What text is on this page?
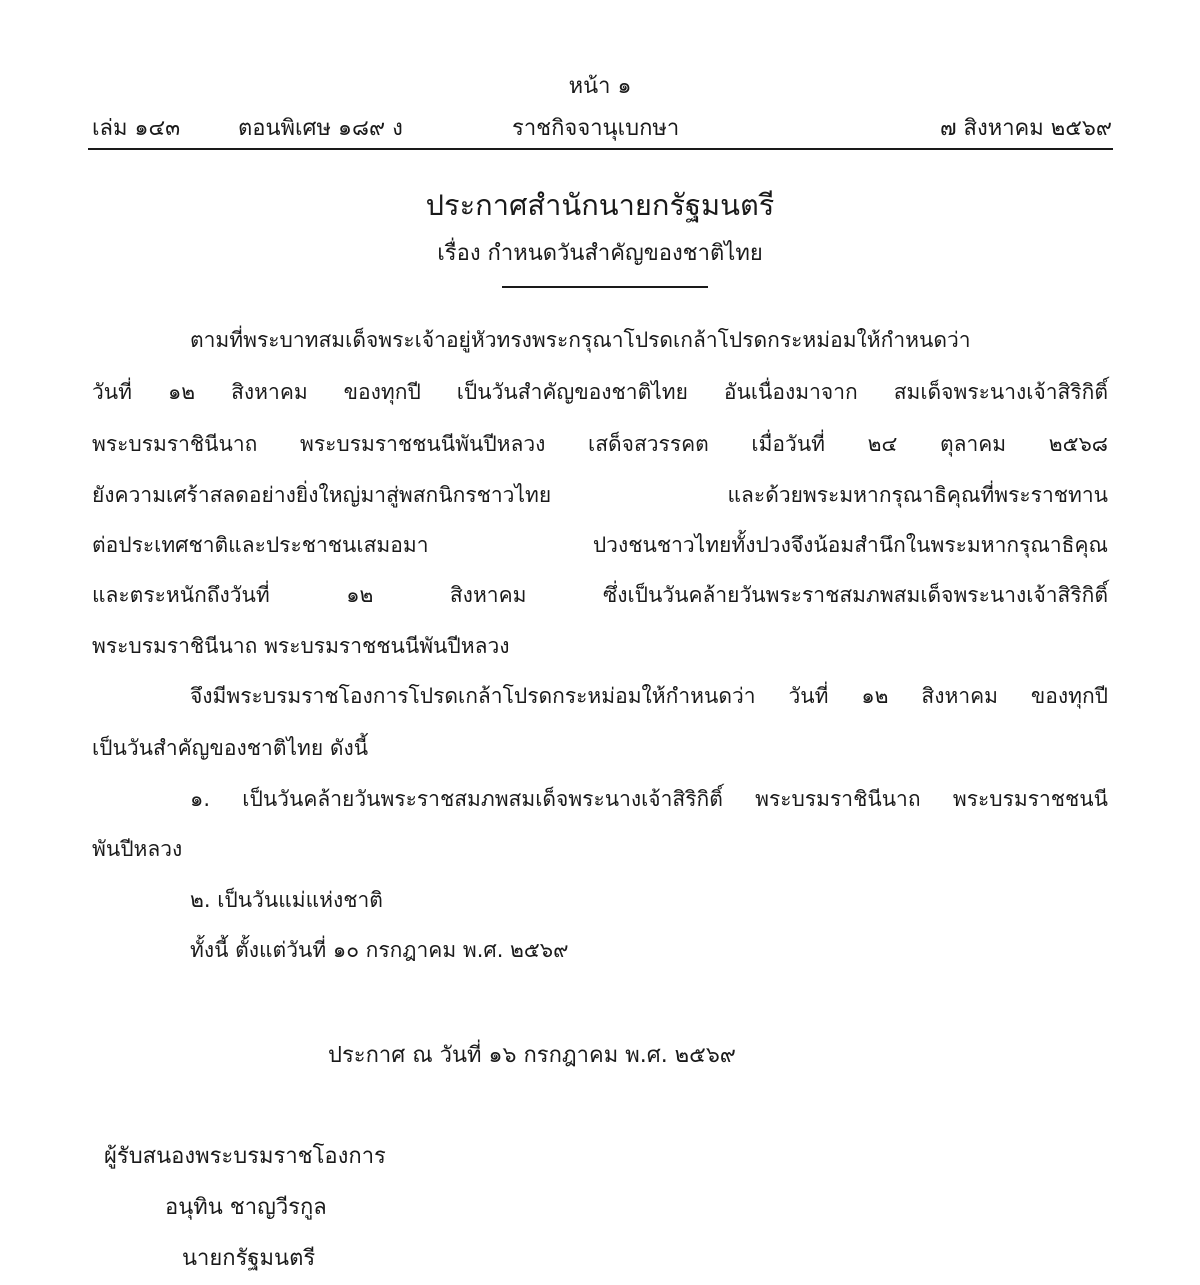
หน้า ๑
เล่ม ๑๔๓	ตอนพิเศษ ๑๘๙ ง	ราชกิจจานุเบกษา	๗ สิงหาคม ๒๕๖๙
ประกาศสำนักนายกรัฐมนตรี
เรื่อง กำหนดวันสำคัญของชาติไทย
ตามที่พระบาทสมเด็จพระเจ้าอยู่หัวทรงพระกรุณาโปรดเกล้าโปรดกระหม่อมให้กำหนดว่า
วันที่ ๑๒ สิงหาคม ของทุกปี เป็นวันสำคัญของชาติไทย อันเนื่องมาจาก สมเด็จพระนางเจ้าสิริกิติ์
พระบรมราชินีนาถ พระบรมราชชนนีพันปีหลวง เสด็จสวรรคต เมื่อวันที่ ๒๔ ตุลาคม ๒๕๖๘
ยังความเศร้าสลดอย่างยิ่งใหญ่มาสู่พสกนิกรชาวไทย และด้วยพระมหากรุณาธิคุณที่พระราชทาน
ต่อประเทศชาติและประชาชนเสมอมา ปวงชนชาวไทยทั้งปวงจึงน้อมสำนึกในพระมหากรุณาธิคุณ
และตระหนักถึงวันที่ ๑๒ สิงหาคม ซึ่งเป็นวันคล้ายวันพระราชสมภพสมเด็จพระนางเจ้าสิริกิติ์
พระบรมราชินีนาถ พระบรมราชชนนีพันปีหลวง
จึงมีพระบรมราชโองการโปรดเกล้าโปรดกระหม่อมให้กำหนดว่า วันที่ ๑๒ สิงหาคม ของทุกปี
เป็นวันสำคัญของชาติไทย ดังนี้
๑. เป็นวันคล้ายวันพระราชสมภพสมเด็จพระนางเจ้าสิริกิติ์ พระบรมราชินีนาถ พระบรมราชชนนี
พันปีหลวง
๒. เป็นวันแม่แห่งชาติ
ทั้งนี้ ตั้งแต่วันที่ ๑๐ กรกฎาคม พ.ศ. ๒๕๖๙
ประกาศ ณ วันที่ ๑๖ กรกฎาคม พ.ศ. ๒๕๖๙
ผู้รับสนองพระบรมราชโองการ
อนุทิน ชาญวีรกูล
นายกรัฐมนตรี
